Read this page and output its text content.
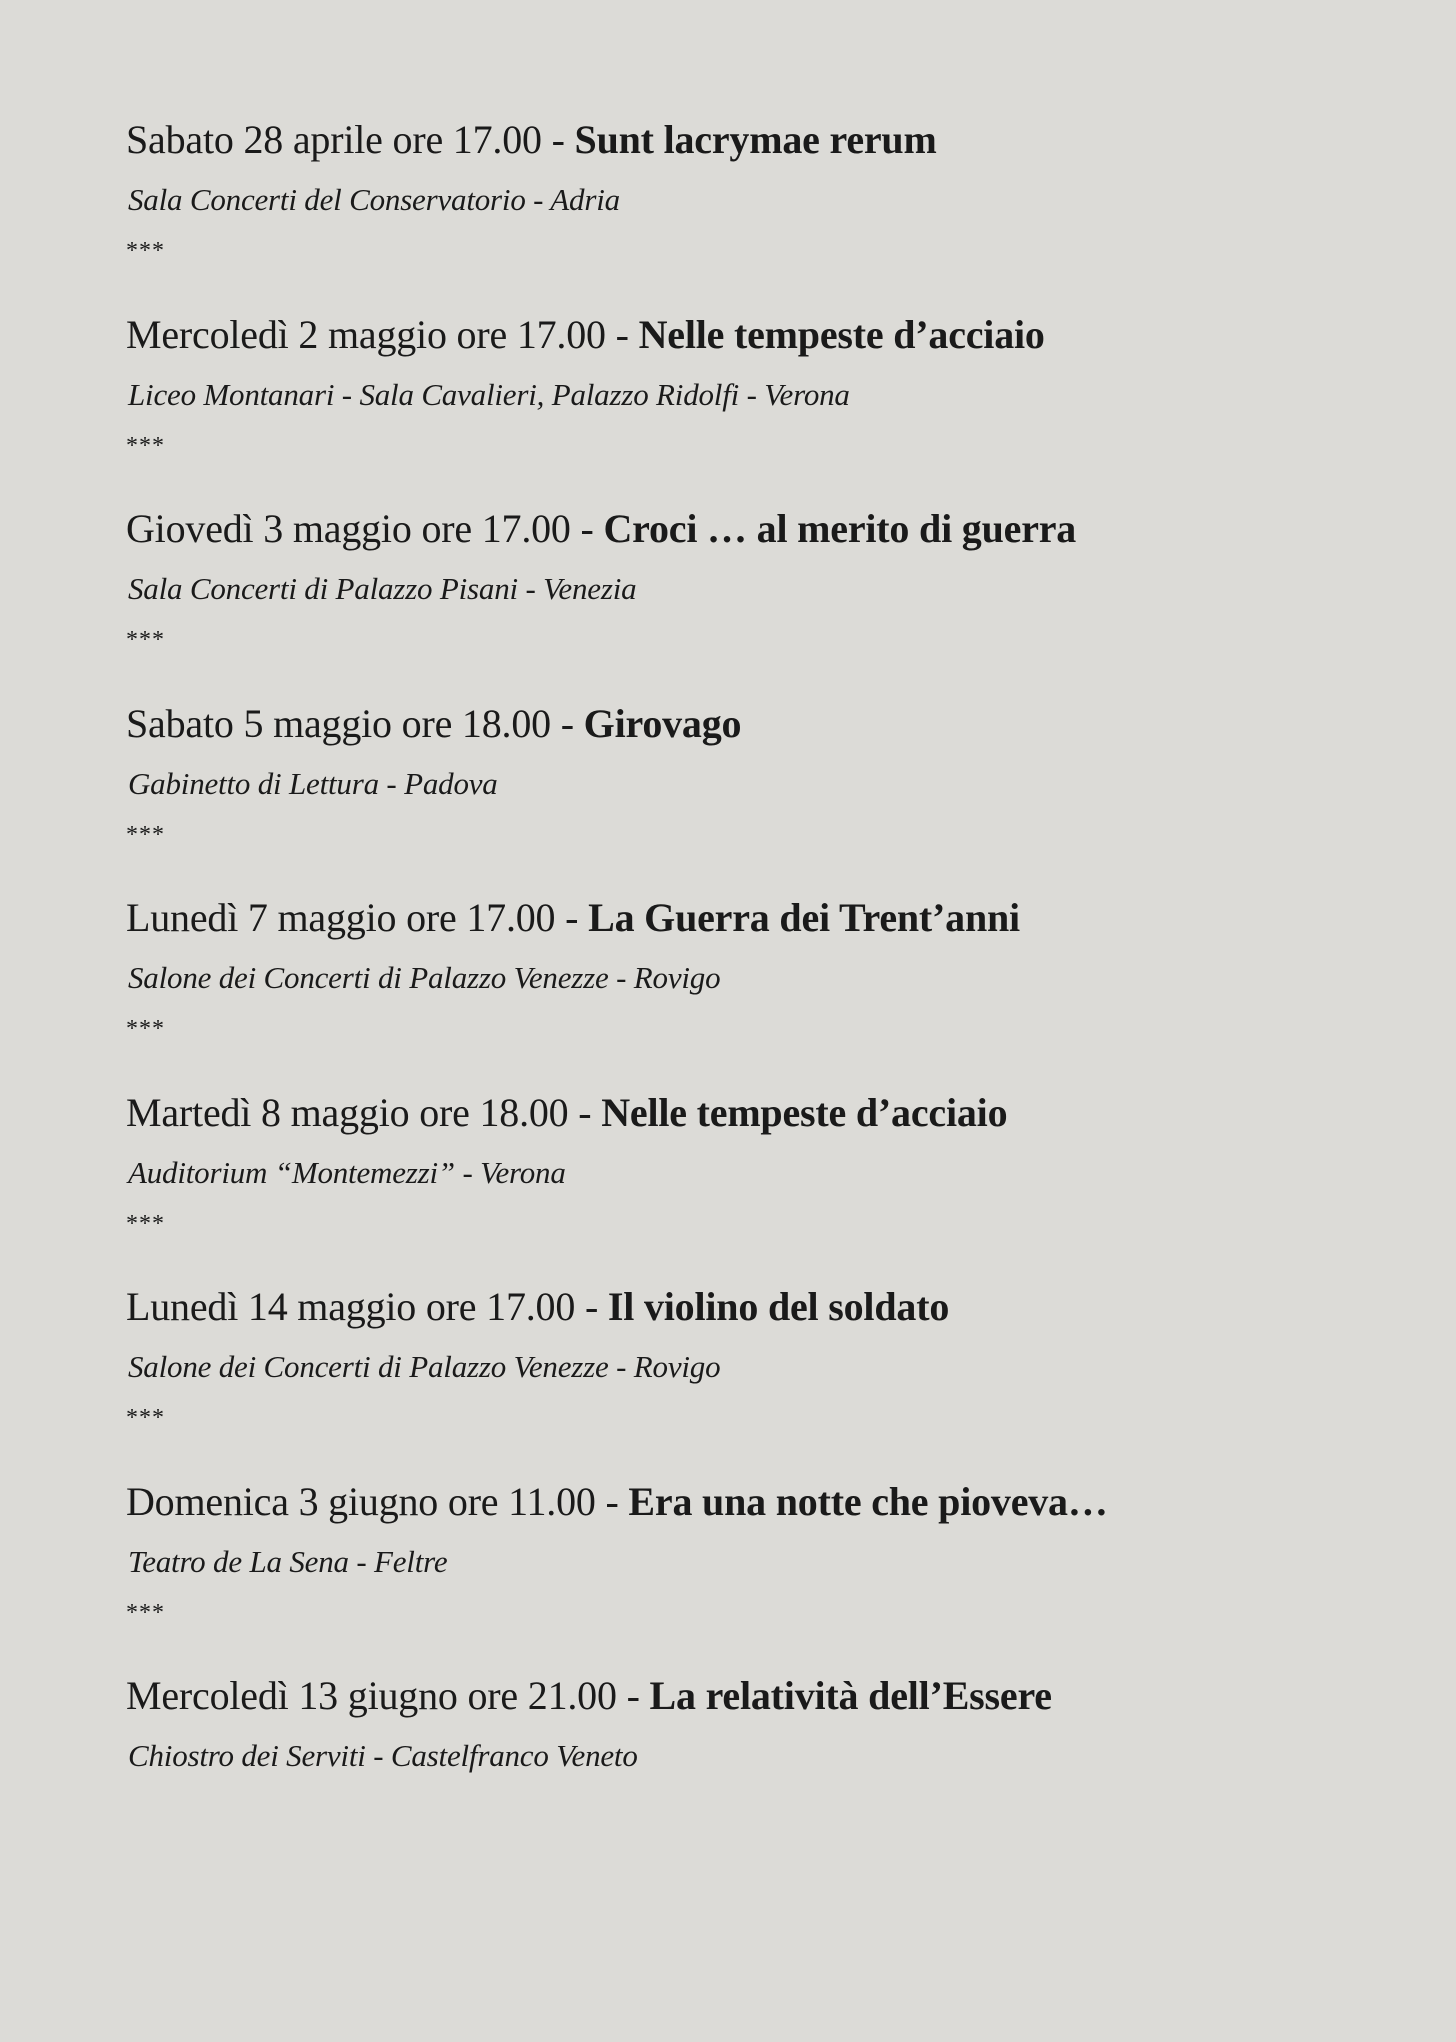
Sabato 28 aprile ore 17.00 - Sunt lacrymae rerum

Sala Concerti del Conservatorio - Adria

***

Mercoledì 2 maggio ore 17.00 - Nelle tempeste d’acciaio

Liceo Montanari - Sala Cavalieri, Palazzo Ridolfi - Verona

***

Giovedì 3 maggio ore 17.00 - Croci … al merito di guerra

Sala Concerti di Palazzo Pisani - Venezia

***

Sabato 5 maggio ore 18.00 - Girovago

Gabinetto di Lettura - Padova

***

Lunedì 7 maggio ore 17.00 - La Guerra dei Trent’anni

Salone dei Concerti di Palazzo Venezze - Rovigo

***

Martedì 8 maggio ore 18.00 - Nelle tempeste d’acciaio

Auditorium “Montemezzi” - Verona

***

Lunedì 14 maggio ore 17.00 - Il violino del soldato

Salone dei Concerti di Palazzo Venezze - Rovigo

***

Domenica 3 giugno ore 11.00 - Era una notte che pioveva…

Teatro de La Sena - Feltre

***

Mercoledì 13 giugno ore 21.00 - La relatività dell’Essere

Chiostro dei Serviti - Castelfranco Veneto
